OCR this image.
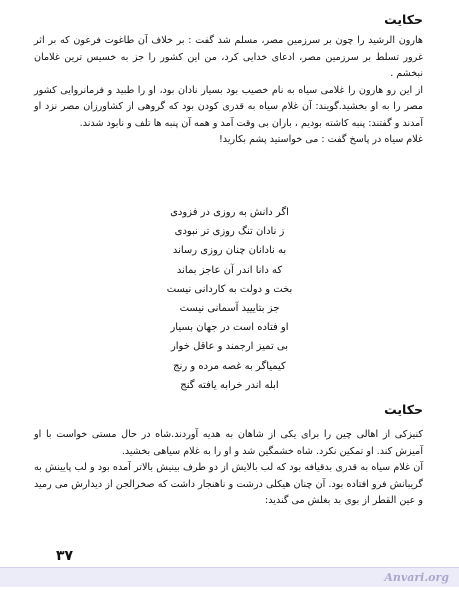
حکایت

هارون الرشید را چون بر سرزمین مصر، مسلم شد گفت : بر خلاف آن طاغوت فرعون که بر اثر غرور تسلط بر سرزمین مصر، ادعای خدایی کرد، من این کشور را جز به خسیس ترین غلامان نبخشم .

از این رو هارون را غلامی سیاه به نام خصیب بود بسیار نادان بود، او را طبید و فرمانروایی کشور مصر را به او بخشید.گویند: آن غلام سیاه به قدری کودن بود که گروهی از کشاورزان مصر نزد او آمدند و گفتند: پنبه کاشته بودیم ، باران بی وقت آمد و همه آن پنبه ها تلف و نابود شدند.

غلام سیاه در پاسخ گفت : می خواستید پشم بکارید!

اگر دانش به روزی در فزودی
ز نادان تنگ روزی تر نبودی
به نادانان چنان روزی رساند
که دانا اندر آن عاجز بماند
بخت و دولت به کاردانی نیست
جز بتاییید آسمانی نیست
او فتاده است در جهان بسیار
بی تمیز ارجمند و عاقل خوار
کیمیاگر به غصه مرده و رنج
ابله اندر خرابه یافته گنج
حکایت

کنیزکی از اهالی چین را برای یکی از شاهان به هدیه آوردند.شاه در حال مستی خواست با او آمیزش کند. او تمکین نکرد. شاه خشمگین شد و او را به غلام سیاهی بخشید.

آن غلام سیاه به قدری بدقیافه بود که لب بالایش از دو طرف بینیش بالاتر آمده بود و لب پایینش به گریبانش فرو افتاده بود. آن چنان هیکلی درشت و ناهنجار داشت که صخرالجن از دیدارش می رمید و عین القطر از بوی بد بغلش می گندید:

۳۷
Anvari.org
